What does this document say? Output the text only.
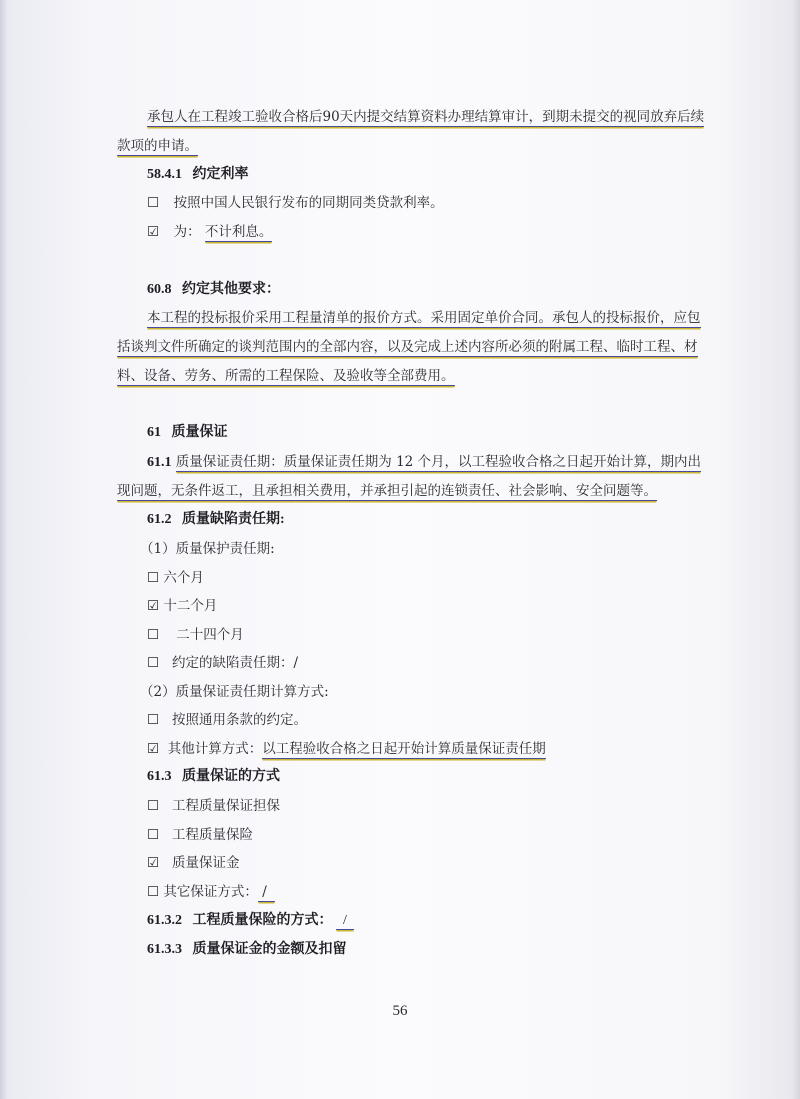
承包人在工程竣工验收合格后90天内提交结算资料办理结算审计，到期未提交的视同放弃后续
款项的申请。
58.4.1 约定利率
☐ 按照中国人民银行发布的同期同类贷款利率。
☑ 为： 不计利息。
60.8 约定其他要求：
本工程的投标报价采用工程量清单的报价方式。采用固定单价合同。承包人的投标报价，应包
括谈判文件所确定的谈判范围内的全部内容，以及完成上述内容所必须的附属工程、临时工程、材
料、设备、劳务、所需的工程保险、及验收等全部费用。
61 质量保证
61.1 质量保证责任期：质量保证责任期为 12 个月，以工程验收合格之日起开始计算，期内出
现问题，无条件返工，且承担相关费用，并承担引起的连锁责任、社会影响、安全问题等。
61.2 质量缺陷责任期:
（1）质量保护责任期:
☐ 六个月
☑ 十二个月
☐ 二十四个月
☐ 约定的缺陷责任期：/
（2）质量保证责任期计算方式:
☐ 按照通用条款的约定。
☑ 其他计算方式：以工程验收合格之日起开始计算质量保证责任期
61.3 质量保证的方式
☐ 工程质量保证担保
☐ 工程质量保险
☑ 质量保证金
☐ 其它保证方式： /
61.3.2 工程质量保险的方式： /
61.3.3 质量保证金的金额及扣留
56
